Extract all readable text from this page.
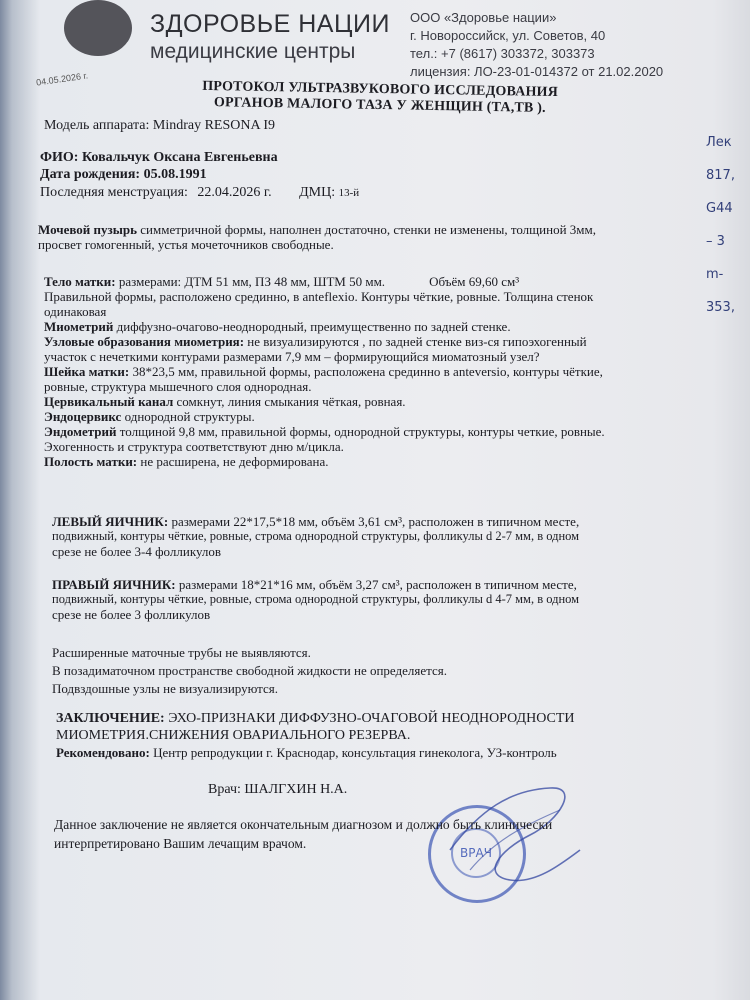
04.05.2026 г.
ЗДОРОВЬЕ НАЦИИ
медицинские центры
ООО «Здоровье нации»
г. Новороссийск, ул. Советов, 40
тел.: +7 (8617) 303372, 303373
лицензия: ЛО-23-01-014372 от 21.02.2020
ПРОТОКОЛ УЛЬТРАЗВУКОВОГО ИССЛЕДОВАНИЯ
ОРГАНОВ МАЛОГО ТАЗА У ЖЕНЩИН (ТА,ТВ ).
Модель аппарата: Mindray RESONA I9
ФИО: Ковальчук Оксана Евгеньевна
Дата рождения: 05.08.1991
Последняя менструация: 22.04.2026 г. ДМЦ: 13-й
Мочевой пузырь симметричной формы, наполнен достаточно, стенки не изменены, толщиной 3мм,
просвет гомогенный, устья мочеточников свободные.
Тело матки: размерами: ДТМ 51 мм, ПЗ 48 мм, ШТМ 50 мм.	Объём 69,60 см³
Правильной формы, расположено срединно, в anteflexio. Контуры чёткие, ровные. Толщина стенок
одинаковая
Миометрий диффузно-очагово-неоднородный, преимущественно по задней стенке.
Узловые образования миометрия: не визуализируются , по задней стенке виз-ся гипоэхогенный
участок с нечеткими контурами размерами 7,9 мм – формирующийся миоматозный узел?
Шейка матки: 38*23,5 мм, правильной формы, расположена срединно в anteversio, контуры чёткие,
ровные, структура мышечного слоя однородная.
Цервикальный канал сомкнут, линия смыкания чёткая, ровная.
Эндоцервикс однородной структуры.
Эндометрий толщиной 9,8 мм, правильной формы, однородной структуры, контуры четкие, ровные.
Эхогенность и структура соответствуют дню м/цикла.
Полость матки: не расширена, не деформирована.
ЛЕВЫЙ ЯИЧНИК: размерами 22*17,5*18 мм, объём 3,61 см³, расположен в типичном месте,
подвижный, контуры чёткие, ровные, строма однородной структуры, фолликулы d 2-7 мм, в одном
срезе не более 3-4 фолликулов
ПРАВЫЙ ЯИЧНИК: размерами 18*21*16 мм, объём 3,27 см³, расположен в типичном месте,
подвижный, контуры чёткие, ровные, строма однородной структуры, фолликулы d 4-7 мм, в одном
срезе не более 3 фолликулов
Расширенные маточные трубы не выявляются.
В позадиматочном пространстве свободной жидкости не определяется.
Подвздошные узлы не визуализируются.
ЗАКЛЮЧЕНИЕ: ЭХО-ПРИЗНАКИ ДИФФУЗНО-ОЧАГОВОЙ НЕОДНОРОДНОСТИ
МИОМЕТРИЯ.СНИЖЕНИЯ ОВАРИАЛЬНОГО РЕЗЕРВА.
Рекомендовано: Центр репродукции г. Краснодар, консультация гинеколога, УЗ-контроль
Врач: ШАЛГХИН Н.А.
ВРАЧ
Данное заключение не является окончательным диагнозом и должно быть клинически
интерпретировано Вашим лечащим врачом.
Лек
817,
G44
– 3
m-
353,
